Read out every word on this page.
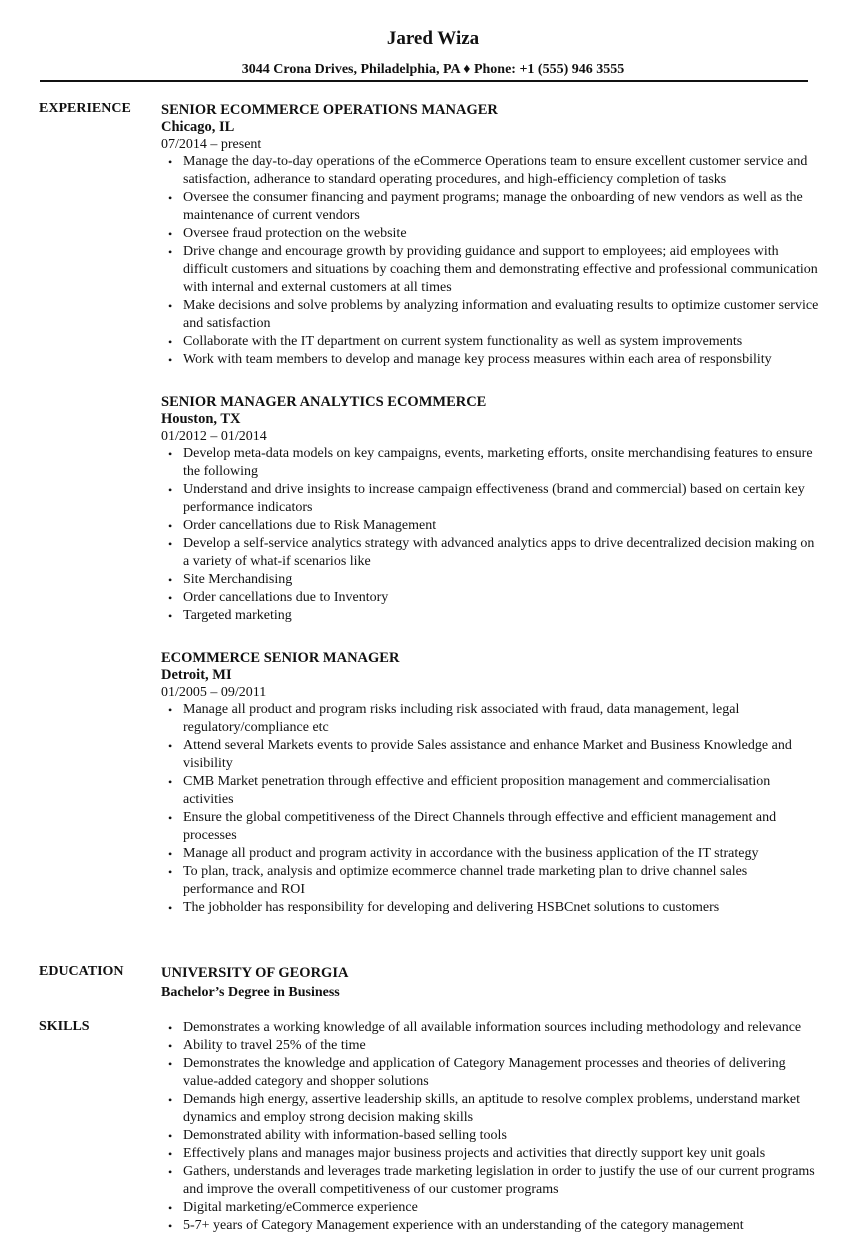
Jared Wiza
3044 Crona Drives, Philadelphia, PA ♦ Phone: +1 (555) 946 3555
EXPERIENCE SENIOR ECOMMERCE OPERATIONS MANAGER
Chicago, IL
07/2014 – present
• Manage the day-to-day operations of the eCommerce Operations team to ensure excellent customer service and satisfaction, adherance to standard operating procedures, and high-efficiency completion of tasks
• Oversee the consumer financing and payment programs; manage the onboarding of new vendors as well as the maintenance of current vendors
• Oversee fraud protection on the website
• Drive change and encourage growth by providing guidance and support to employees; aid employees with difficult customers and situations by coaching them and demonstrating effective and professional communication with internal and external customers at all times
• Make decisions and solve problems by analyzing information and evaluating results to optimize customer service and satisfaction
• Collaborate with the IT department on current system functionality as well as system improvements
• Work with team members to develop and manage key process measures within each area of responsbility
SENIOR MANAGER ANALYTICS ECOMMERCE
Houston, TX
01/2012 – 01/2014
• Develop meta-data models on key campaigns, events, marketing efforts, onsite merchandising features to ensure the following
• Understand and drive insights to increase campaign effectiveness (brand and commercial) based on certain key performance indicators
• Order cancellations due to Risk Management
• Develop a self-service analytics strategy with advanced analytics apps to drive decentralized decision making on a variety of what-if scenarios like
• Site Merchandising
• Order cancellations due to Inventory
• Targeted marketing
ECOMMERCE SENIOR MANAGER
Detroit, MI
01/2005 – 09/2011
• Manage all product and program risks including risk associated with fraud, data management, legal regulatory/compliance etc
• Attend several Markets events to provide Sales assistance and enhance Market and Business Knowledge and visibility
• CMB Market penetration through effective and efficient proposition management and commercialisation activities
• Ensure the global competitiveness of the Direct Channels through effective and efficient management and processes
• Manage all product and program activity in accordance with the business application of the IT strategy
• To plan, track, analysis and optimize ecommerce channel trade marketing plan to drive channel sales performance and ROI
• The jobholder has responsibility for developing and delivering HSBCnet solutions to customers
EDUCATION	UNIVERSITY OF GEORGIA
Bachelor’s Degree in Business
SKILLS
•	Demonstrates a working knowledge of all available information sources including methodology and relevance
• Ability to travel 25% of the time
• Demonstrates the knowledge and application of Category Management processes and theories of delivering value-added category and shopper solutions
• Demands high energy, assertive leadership skills, an aptitude to resolve complex problems, understand market dynamics and employ strong decision making skills
• Demonstrated ability with information-based selling tools
• Effectively plans and manages major business projects and activities that directly support key unit goals
• Gathers, understands and leverages trade marketing legislation in order to justify the use of our current programs and improve the overall competitiveness of our customer programs
• Digital marketing/eCommerce experience
• 5-7+ years of Category Management experience with an understanding of the category management
